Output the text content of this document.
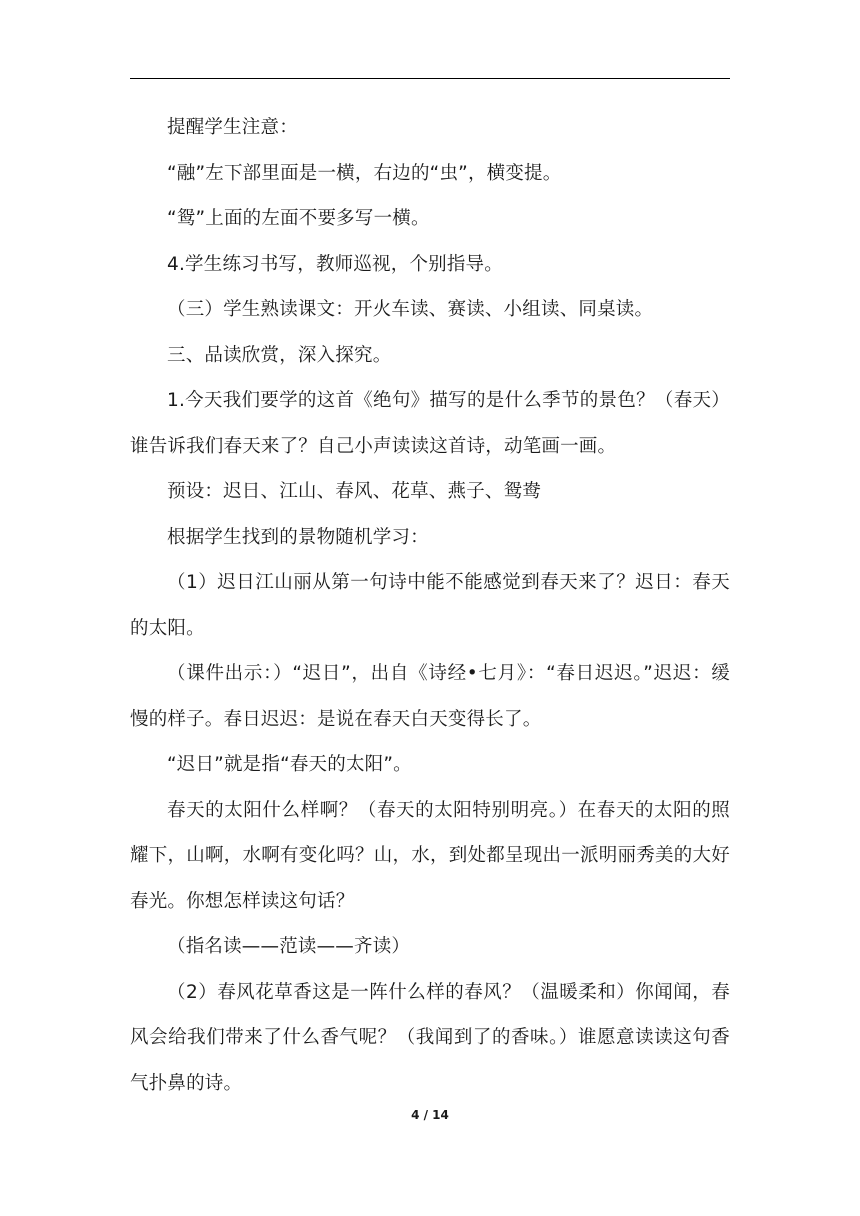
提醒学生注意：

“融”左下部里面是一横，右边的“虫”，横变提。

“鸳”上面的左面不要多写一横。

4.学生练习书写，教师巡视，个别指导。

（三）学生熟读课文：开火车读、赛读、小组读、同桌读。

三、品读欣赏，深入探究。

1.今天我们要学的这首《绝句》描写的是什么季节的景色？（春天）谁告诉我们春天来了？自己小声读读这首诗，动笔画一画。

预设：迟日、江山、春风、花草、燕子、鸳鸯

根据学生找到的景物随机学习：

（1）迟日江山丽从第一句诗中能不能感觉到春天来了？迟日：春天的太阳。

（课件出示：）“迟日”，出自《诗经•七月》：“春日迟迟。”迟迟：缓慢的样子。春日迟迟：是说在春天白天变得长了。

“迟日”就是指“春天的太阳”。

春天的太阳什么样啊？（春天的太阳特别明亮。）在春天的太阳的照耀下，山啊，水啊有变化吗？山，水，到处都呈现出一派明丽秀美的大好春光。你想怎样读这句话？

（指名读——范读——齐读）

（2）春风花草香这是一阵什么样的春风？（温暖柔和）你闻闻，春风会给我们带来了什么香气呢？（我闻到了的香味。）谁愿意读读这句香气扑鼻的诗。

4 / 14
